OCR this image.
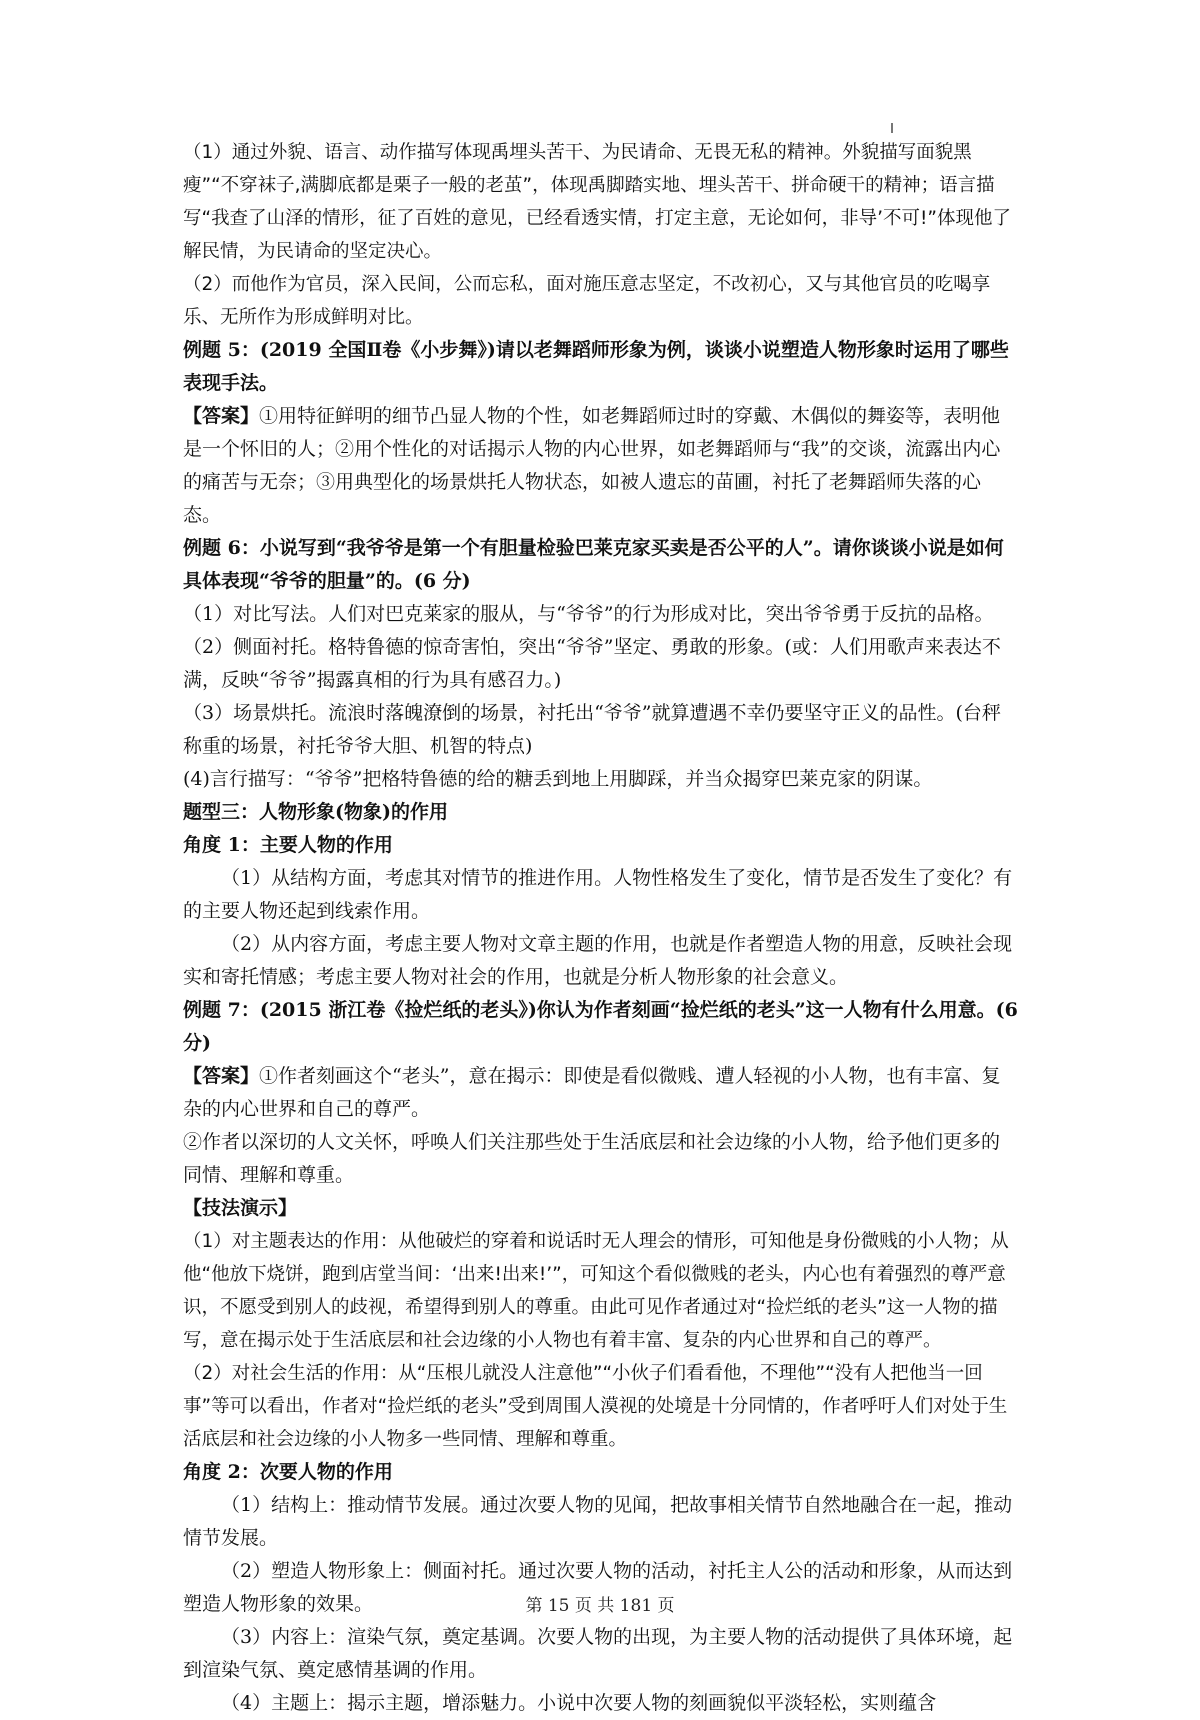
（1）通过外貌、语言、动作描写体现禹埋头苦干、为民请命、无畏无私的精神。外貌描写面貌黑瘦”“不穿袜子,满脚底都是栗子一般的老茧”，体现禹脚踏实地、埋头苦干、拼命硬干的精神；语言描写“我查了山泽的情形，征了百姓的意见，已经看透实情，打定主意，无论如何，非导’不可!”体现他了解民情，为民请命的坚定决心。

（2）而他作为官员，深入民间，公而忘私，面对施压意志坚定，不改初心，又与其他官员的吃喝享乐、无所作为形成鲜明对比。

例题 5：(2019 全国Ⅱ卷《小步舞》)请以老舞蹈师形象为例，谈谈小说塑造人物形象时运用了哪些表现手法。

【答案】①用特征鲜明的细节凸显人物的个性，如老舞蹈师过时的穿戴、木偶似的舞姿等，表明他是一个怀旧的人；②用个性化的对话揭示人物的内心世界，如老舞蹈师与“我”的交谈，流露出内心的痛苦与无奈；③用典型化的场景烘托人物状态，如被人遗忘的苗圃，衬托了老舞蹈师失落的心态。

例题 6：小说写到“我爷爷是第一个有胆量检验巴莱克家买卖是否公平的人”。请你谈谈小说是如何具体表现“爷爷的胆量”的。(6 分)

（1）对比写法。人们对巴克莱家的服从，与“爷爷”的行为形成对比，突出爷爷勇于反抗的品格。

（2）侧面衬托。格特鲁德的惊奇害怕，突出“爷爷”坚定、勇敢的形象。(或：人们用歌声来表达不满，反映“爷爷”揭露真相的行为具有感召力。)

（3）场景烘托。流浪时落魄潦倒的场景，衬托出“爷爷”就算遭遇不幸仍要坚守正义的品性。(台秤称重的场景，衬托爷爷大胆、机智的特点)

(4)言行描写：“爷爷”把格特鲁德的给的糖丢到地上用脚踩，并当众揭穿巴莱克家的阴谋。

题型三：人物形象(物象)的作用

角度 1：主要人物的作用

（1）从结构方面，考虑其对情节的推进作用。人物性格发生了变化，情节是否发生了变化？有的主要人物还起到线索作用。

（2）从内容方面，考虑主要人物对文章主题的作用，也就是作者塑造人物的用意，反映社会现实和寄托情感；考虑主要人物对社会的作用，也就是分析人物形象的社会意义。

例题 7：(2015 浙江卷《捡烂纸的老头》)你认为作者刻画“捡烂纸的老头”这一人物有什么用意。(6 分)

【答案】①作者刻画这个“老头”，意在揭示：即使是看似微贱、遭人轻视的小人物，也有丰富、复杂的内心世界和自己的尊严。

②作者以深切的人文关怀，呼唤人们关注那些处于生活底层和社会边缘的小人物，给予他们更多的同情、理解和尊重。

【技法演示】

（1）对主题表达的作用：从他破烂的穿着和说话时无人理会的情形，可知他是身份微贱的小人物；从他“他放下烧饼，跑到店堂当间：‘出来!出来!’”，可知这个看似微贱的老头，内心也有着强烈的尊严意识，不愿受到别人的歧视，希望得到别人的尊重。由此可见作者通过对“捡烂纸的老头”这一人物的描写，意在揭示处于生活底层和社会边缘的小人物也有着丰富、复杂的内心世界和自己的尊严。

（2）对社会生活的作用：从“压根儿就没人注意他”“小伙子们看看他，不理他”“没有人把他当一回事”等可以看出，作者对“捡烂纸的老头”受到周围人漠视的处境是十分同情的，作者呼吁人们对处于生活底层和社会边缘的小人物多一些同情、理解和尊重。

角度 2：次要人物的作用

（1）结构上：推动情节发展。通过次要人物的见闻，把故事相关情节自然地融合在一起，推动情节发展。

（2）塑造人物形象上：侧面衬托。通过次要人物的活动，衬托主人公的活动和形象，从而达到塑造人物形象的效果。

（3）内容上：渲染气氛，奠定基调。次要人物的出现，为主要人物的活动提供了具体环境，起到渲染气氛、奠定感情基调的作用。

（4）主题上：揭示主题，增添魅力。小说中次要人物的刻画貌似平淡轻松，实则蕴含

第 15 页 共 181 页
